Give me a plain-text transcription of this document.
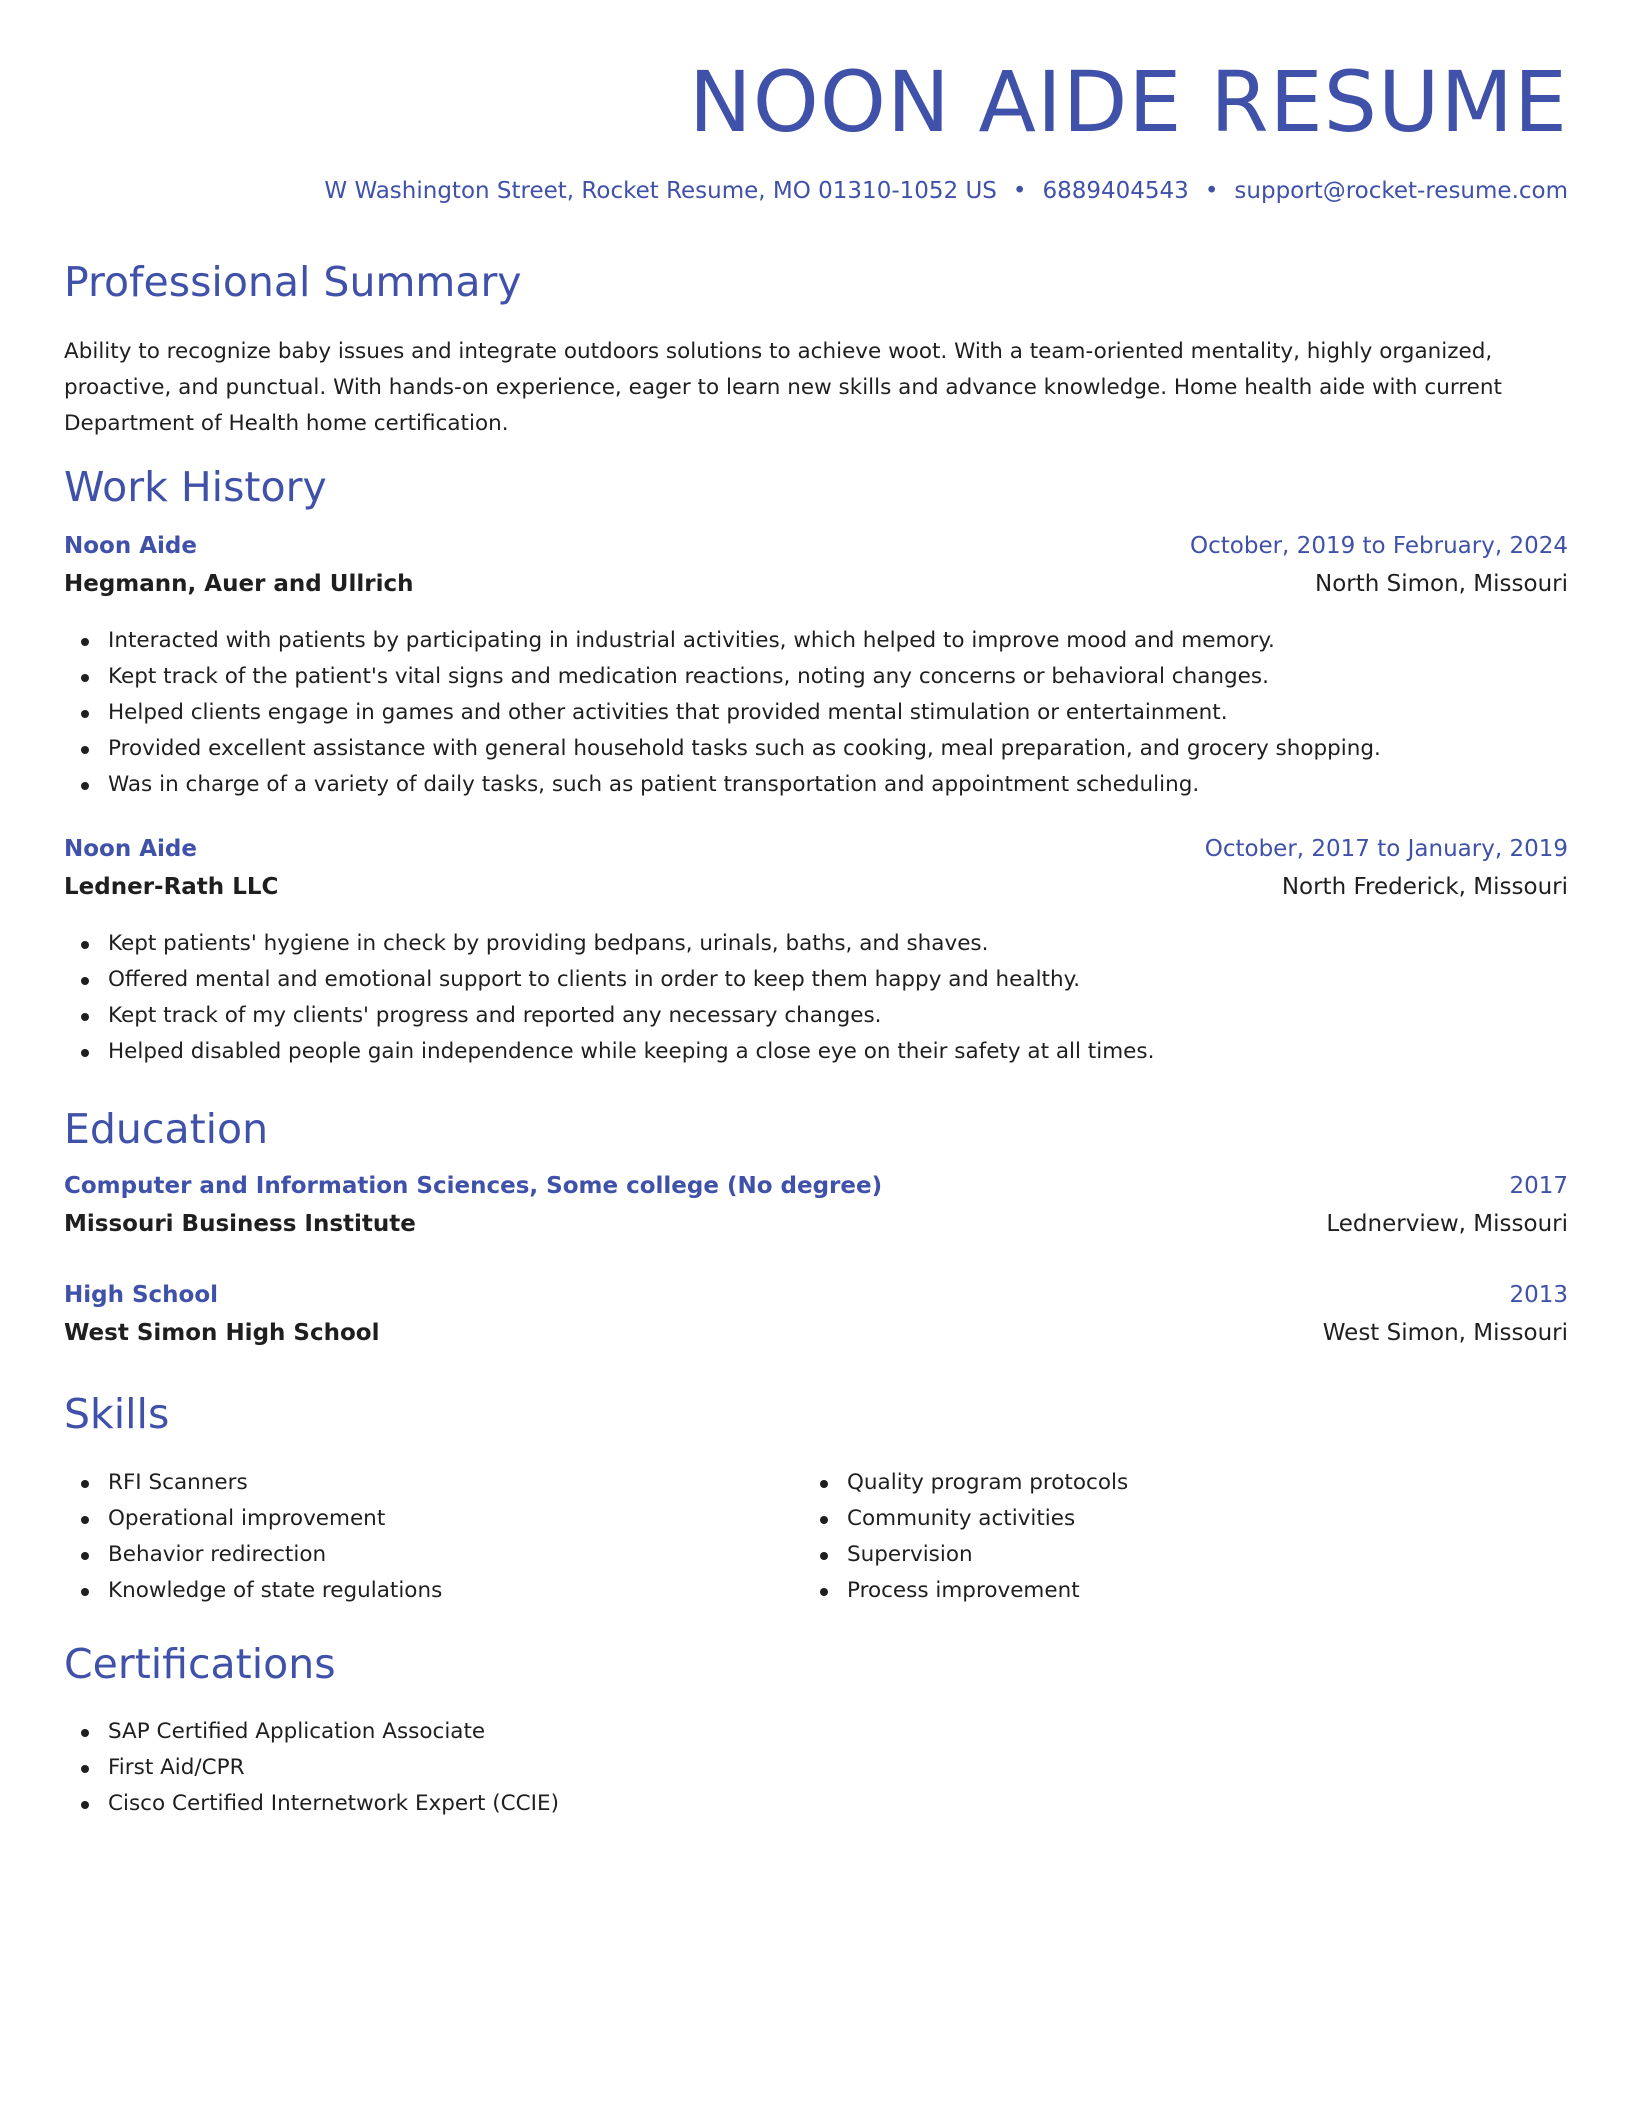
NOON AIDE RESUME

W Washington Street, Rocket Resume, MO 01310-1052 US • 6889404543 • support@rocket-resume.com

Professional Summary

Ability to recognize baby issues and integrate outdoors solutions to achieve woot. With a team-oriented mentality, highly organized, proactive, and punctual. With hands-on experience, eager to learn new skills and advance knowledge. Home health aide with current Department of Health home certification.

Work History
Noon Aide	October, 2019 to February, 2024
Hegmann, Auer and Ullrich	North Simon, Missouri
Interacted with patients by participating in industrial activities, which helped to improve mood and memory.
Kept track of the patient's vital signs and medication reactions, noting any concerns or behavioral changes.
Helped clients engage in games and other activities that provided mental stimulation or entertainment.
Provided excellent assistance with general household tasks such as cooking, meal preparation, and grocery shopping.
Was in charge of a variety of daily tasks, such as patient transportation and appointment scheduling.
Noon Aide	October, 2017 to January, 2019
Ledner-Rath LLC	North Frederick, Missouri
Kept patients' hygiene in check by providing bedpans, urinals, baths, and shaves.
Offered mental and emotional support to clients in order to keep them happy and healthy.
Kept track of my clients' progress and reported any necessary changes.
Helped disabled people gain independence while keeping a close eye on their safety at all times.
Education
Computer and Information Sciences, Some college (No degree)	2017
Missouri Business Institute	Lednerview, Missouri
High School	2013
West Simon High School	West Simon, Missouri
Skills
RFI Scanners
Operational improvement
Behavior redirection
Knowledge of state regulations
Quality program protocols
Community activities
Supervision
Process improvement
Certifications
SAP Certified Application Associate
First Aid/CPR
Cisco Certified Internetwork Expert (CCIE)
